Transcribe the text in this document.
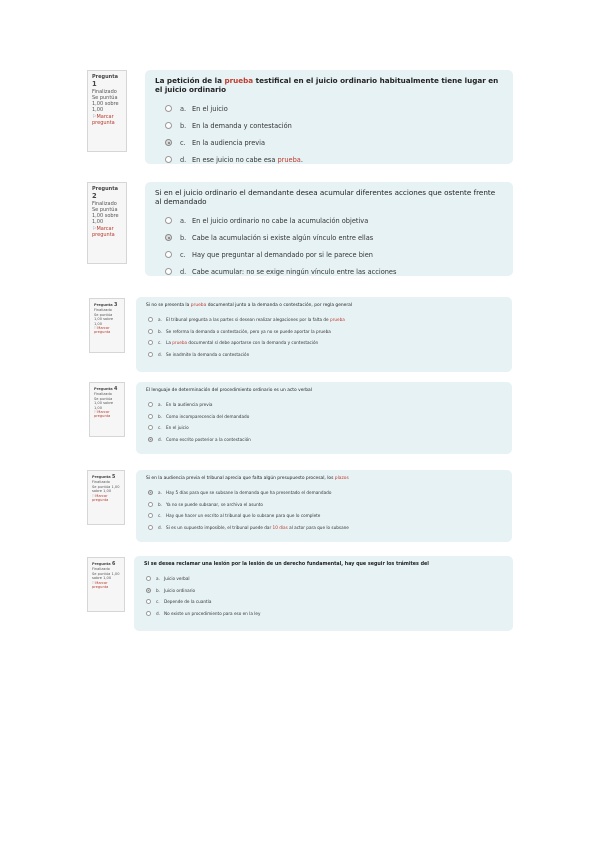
Pregunta 1
Finalizado
Se puntúa 1,00 sobre 1,00
⚐ Marcar pregunta
La petición de la prueba testifical en el juicio ordinario habitualmente tiene lugar en el juicio ordinario
a. En el juicio
b. En la demanda y contestación
c. En la audiencia previa
d. En ese juicio no cabe esa prueba.
Pregunta 2
Finalizado
Se puntúa 1,00 sobre 1,00
⚐ Marcar pregunta
Si en el juicio ordinario el demandante desea acumular diferentes acciones que ostente frente al demandado
a. En el juicio ordinario no cabe la acumulación objetiva
b. Cabe la acumulación si existe algún vínculo entre ellas
c. Hay que preguntar al demandado por si le parece bien
d. Cabe acumular: no se exige ningún vínculo entre las acciones
Pregunta 3
Finalizado
Se puntúa 1,00 sobre 1,00
⚐ Marcar pregunta
Si no se presenta la prueba documental junto a la demanda o contestación, por regla general
a. El tribunal pregunta a las partes si desean realizar alegaciones por la falta de prueba
b. Se reforma la demanda o contestación, pero ya no se puede aportar la prueba
c.	La prueba documental sí debe aportarse con la demanda y contestación
d. Se inadmite la demanda o contestación
Pregunta 4
Finalizado
Se puntúa 1,00 sobre 1,00
⚐ Marcar pregunta
El lenguaje de determinación del procedimiento ordinario es un acto verbal
a. En la audiencia previa
b. Como incomparecencia del demandado
c.	En el juicio
d. Como escrito posterior a la contestación
Pregunta 5
Finalizado
Se puntúa 1,00 sobre 1,00
⚐ Marcar pregunta
Si en la audiencia previa el tribunal aprecia que falta algún presupuesto procesal, los plazos
a. Hay 5 días para que se subsane la demanda que ha presentado el demandado
b. Ya no se puede subsanar, se archiva el asunto
c.	Hay que hacer un escrito al tribunal que lo subsane para que lo complete
d. Si es un supuesto imposible, el tribunal puede dar 10 días al actor para que lo subsane
Pregunta 6
Finalizado
Se puntúa 1,00 sobre 1,00
⚐ Marcar pregunta
Si se desea reclamar una lesión por la lesión de un derecho fundamental, hay que seguir los trámites del
a. Juicio verbal
b. Juicio ordinario
c.	Depende de la cuantía
d. No existe un procedimiento para eso en la ley
